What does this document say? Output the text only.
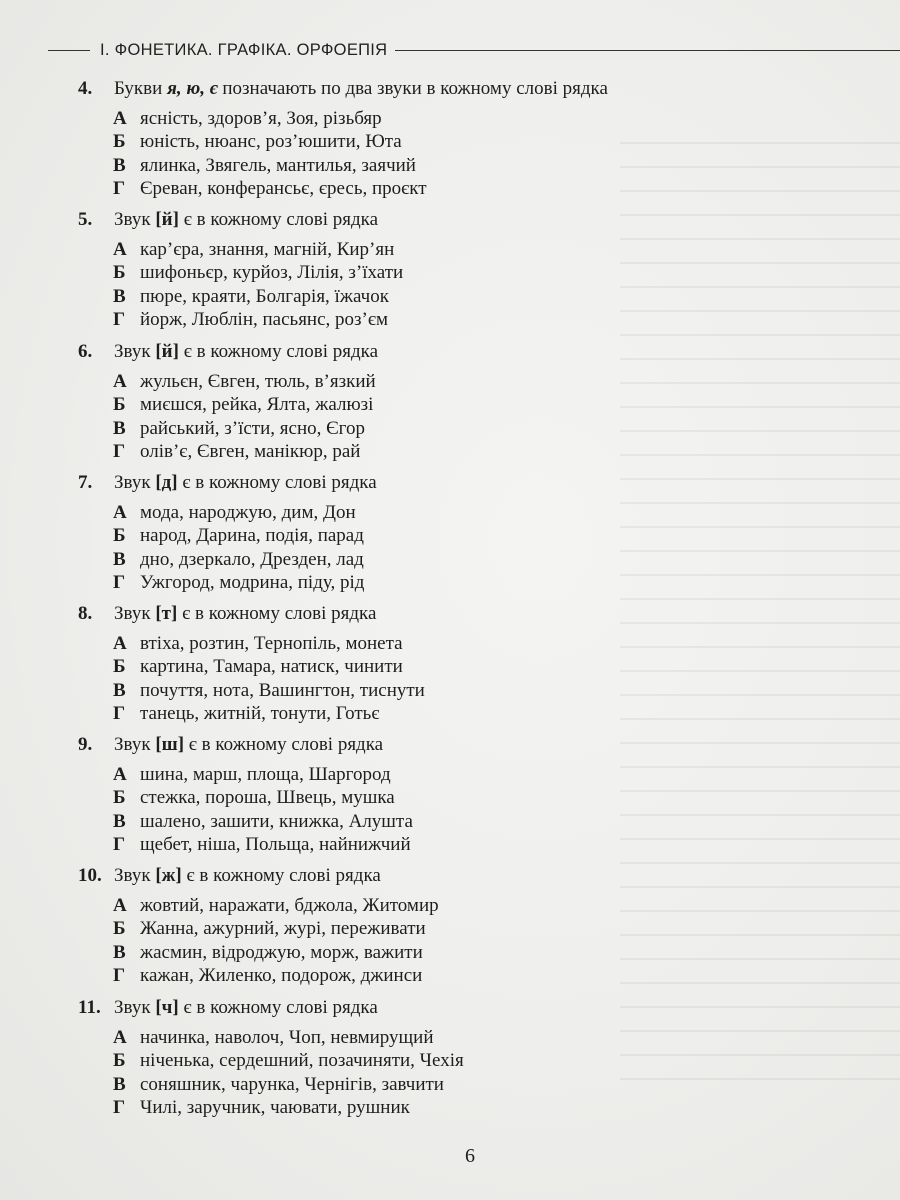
І. ФОНЕТИКА. ГРАФІКА. ОРФОЕПІЯ
4.	Букви я, ю, є позначають по два звуки в кожному слові рядка
А ясність, здоров’я, Зоя, різьбяр
Б юність, нюанс, роз’юшити, Юта
В ялинка, Звягель, мантилья, заячий
Г Єреван, конферансьє, єресь, проєкт
5.	Звук [й] є в кожному слові рядка
А кар’єра, знання, магній, Кир’ян
Б шифоньєр, курйоз, Лілія, з’їхати
В пюре, краяти, Болгарія, їжачок
Г йорж, Люблін, пасьянс, роз’єм
6.	Звук [й] є в кожному слові рядка
А жульєн, Євген, тюль, в’язкий
Б миєшся, рейка, Ялта, жалюзі
В райський, з’їсти, ясно, Єгор
Г олів’є, Євген, манікюр, рай
7.	Звук [д] є в кожному слові рядка
А мода, народжую, дим, Дон
Б народ, Дарина, подія, парад
В дно, дзеркало, Дрезден, лад
Г Ужгород, модрина, піду, рід
8.	Звук [т] є в кожному слові рядка
А втіха, розтин, Тернопіль, монета
Б картина, Тамара, натиск, чинити
В почуття, нота, Вашингтон, тиснути
Г танець, житній, тонути, Готьє
9.	Звук [ш] є в кожному слові рядка
А шина, марш, площа, Шаргород
Б стежка, пороша, Швець, мушка
В шалено, зашити, книжка, Алушта
Г щебет, ніша, Польща, найнижчий
10. Звук [ж] є в кожному слові рядка
А жовтий, наражати, бджола, Житомир
Б Жанна, ажурний, журі, переживати
В жасмин, відроджую, морж, важити
Г кажан, Жиленко, подорож, джинси
11. Звук [ч] є в кожному слові рядка
А начинка, наволоч, Чоп, невмирущий
Б ніченька, сердешний, позачиняти, Чехія
В соняшник, чарунка, Чернігів, завчити
Г Чилі, заручник, чаювати, рушник
6
